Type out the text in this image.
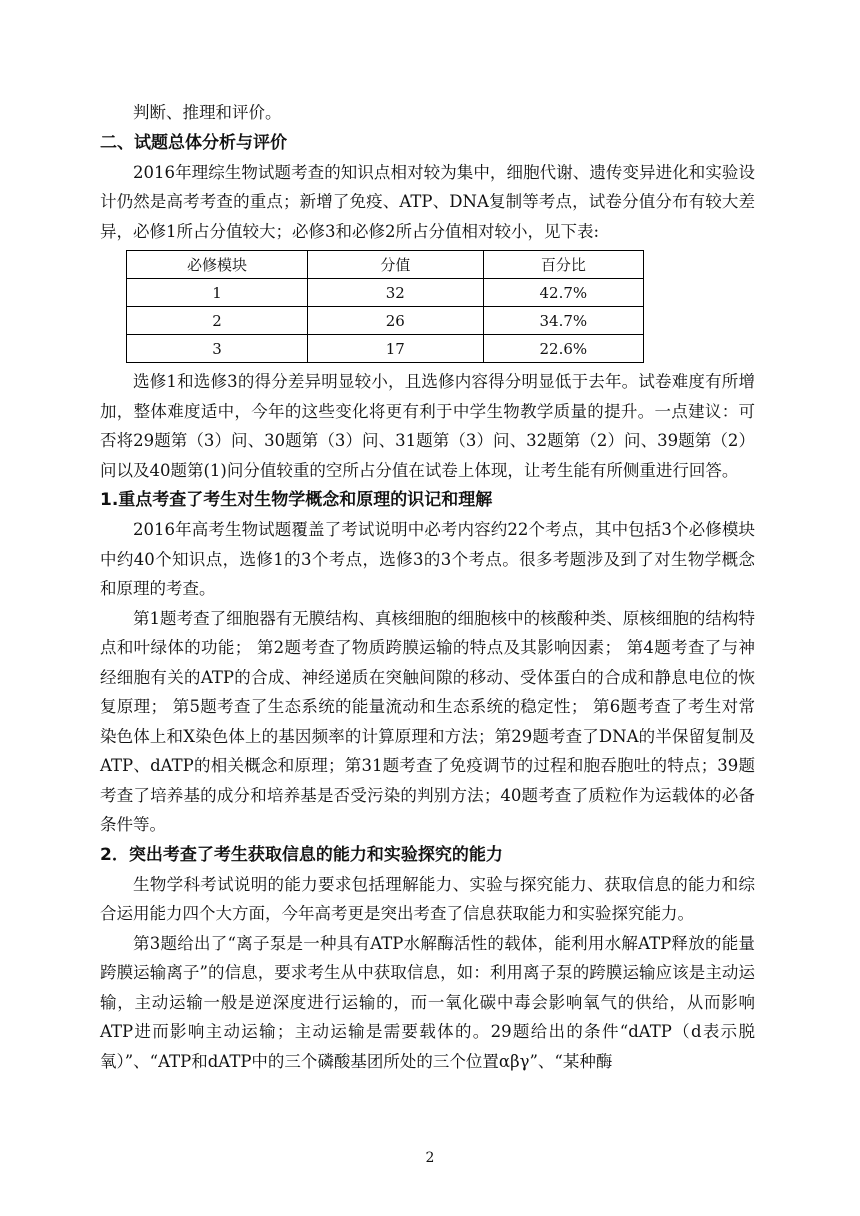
判断、推理和评价。

二、试题总体分析与评价

2016年理综生物试题考查的知识点相对较为集中，细胞代谢、遗传变异进化和实验设计仍然是高考考查的重点；新增了免疫、ATP、DNA复制等考点，试卷分值分布有较大差异，必修1所占分值较大；必修3和必修2所占分值相对较小，见下表:

必修模块	分值	百分比
1	32	42.7%
2	26	34.7%
3	17	22.6%

选修1和选修3的得分差异明显较小，且选修内容得分明显低于去年。试卷难度有所增加，整体难度适中，今年的这些变化将更有利于中学生物教学质量的提升。一点建议：可否将29题第（3）问、30题第（3）问、31题第（3）问、32题第（2）问、39题第（2）问以及40题第(1)问分值较重的空所占分值在试卷上体现，让考生能有所侧重进行回答。

1.重点考查了考生对生物学概念和原理的识记和理解

2016年高考生物试题覆盖了考试说明中必考内容约22个考点，其中包括3个必修模块中约40个知识点，选修1的3个考点，选修3的3个考点。很多考题涉及到了对生物学概念和原理的考查。

第1题考查了细胞器有无膜结构、真核细胞的细胞核中的核酸种类、原核细胞的结构特点和叶绿体的功能； 第2题考查了物质跨膜运输的特点及其影响因素； 第4题考查了与神经细胞有关的ATP的合成、神经递质在突触间隙的移动、受体蛋白的合成和静息电位的恢复原理； 第5题考查了生态系统的能量流动和生态系统的稳定性； 第6题考查了考生对常染色体上和X染色体上的基因频率的计算原理和方法；第29题考查了DNA的半保留复制及ATP、dATP的相关概念和原理；第31题考查了免疫调节的过程和胞吞胞吐的特点；39题考查了培养基的成分和培养基是否受污染的判别方法；40题考查了质粒作为运载体的必备条件等。

2．突出考查了考生获取信息的能力和实验探究的能力

生物学科考试说明的能力要求包括理解能力、实验与探究能力、获取信息的能力和综合运用能力四个大方面，今年高考更是突出考查了信息获取能力和实验探究能力。

第3题给出了“离子泵是一种具有ATP水解酶活性的载体，能利用水解ATP释放的能量跨膜运输离子”的信息，要求考生从中获取信息，如：利用离子泵的跨膜运输应该是主动运输，主动运输一般是逆深度进行运输的，而一氧化碳中毒会影响氧气的供给，从而影响ATP进而影响主动运输；主动运输是需要载体的。29题给出的条件“dATP（d表示脱氧）”、“ATP和dATP中的三个磷酸基团所处的三个位置αβγ”、“某种酶

2
